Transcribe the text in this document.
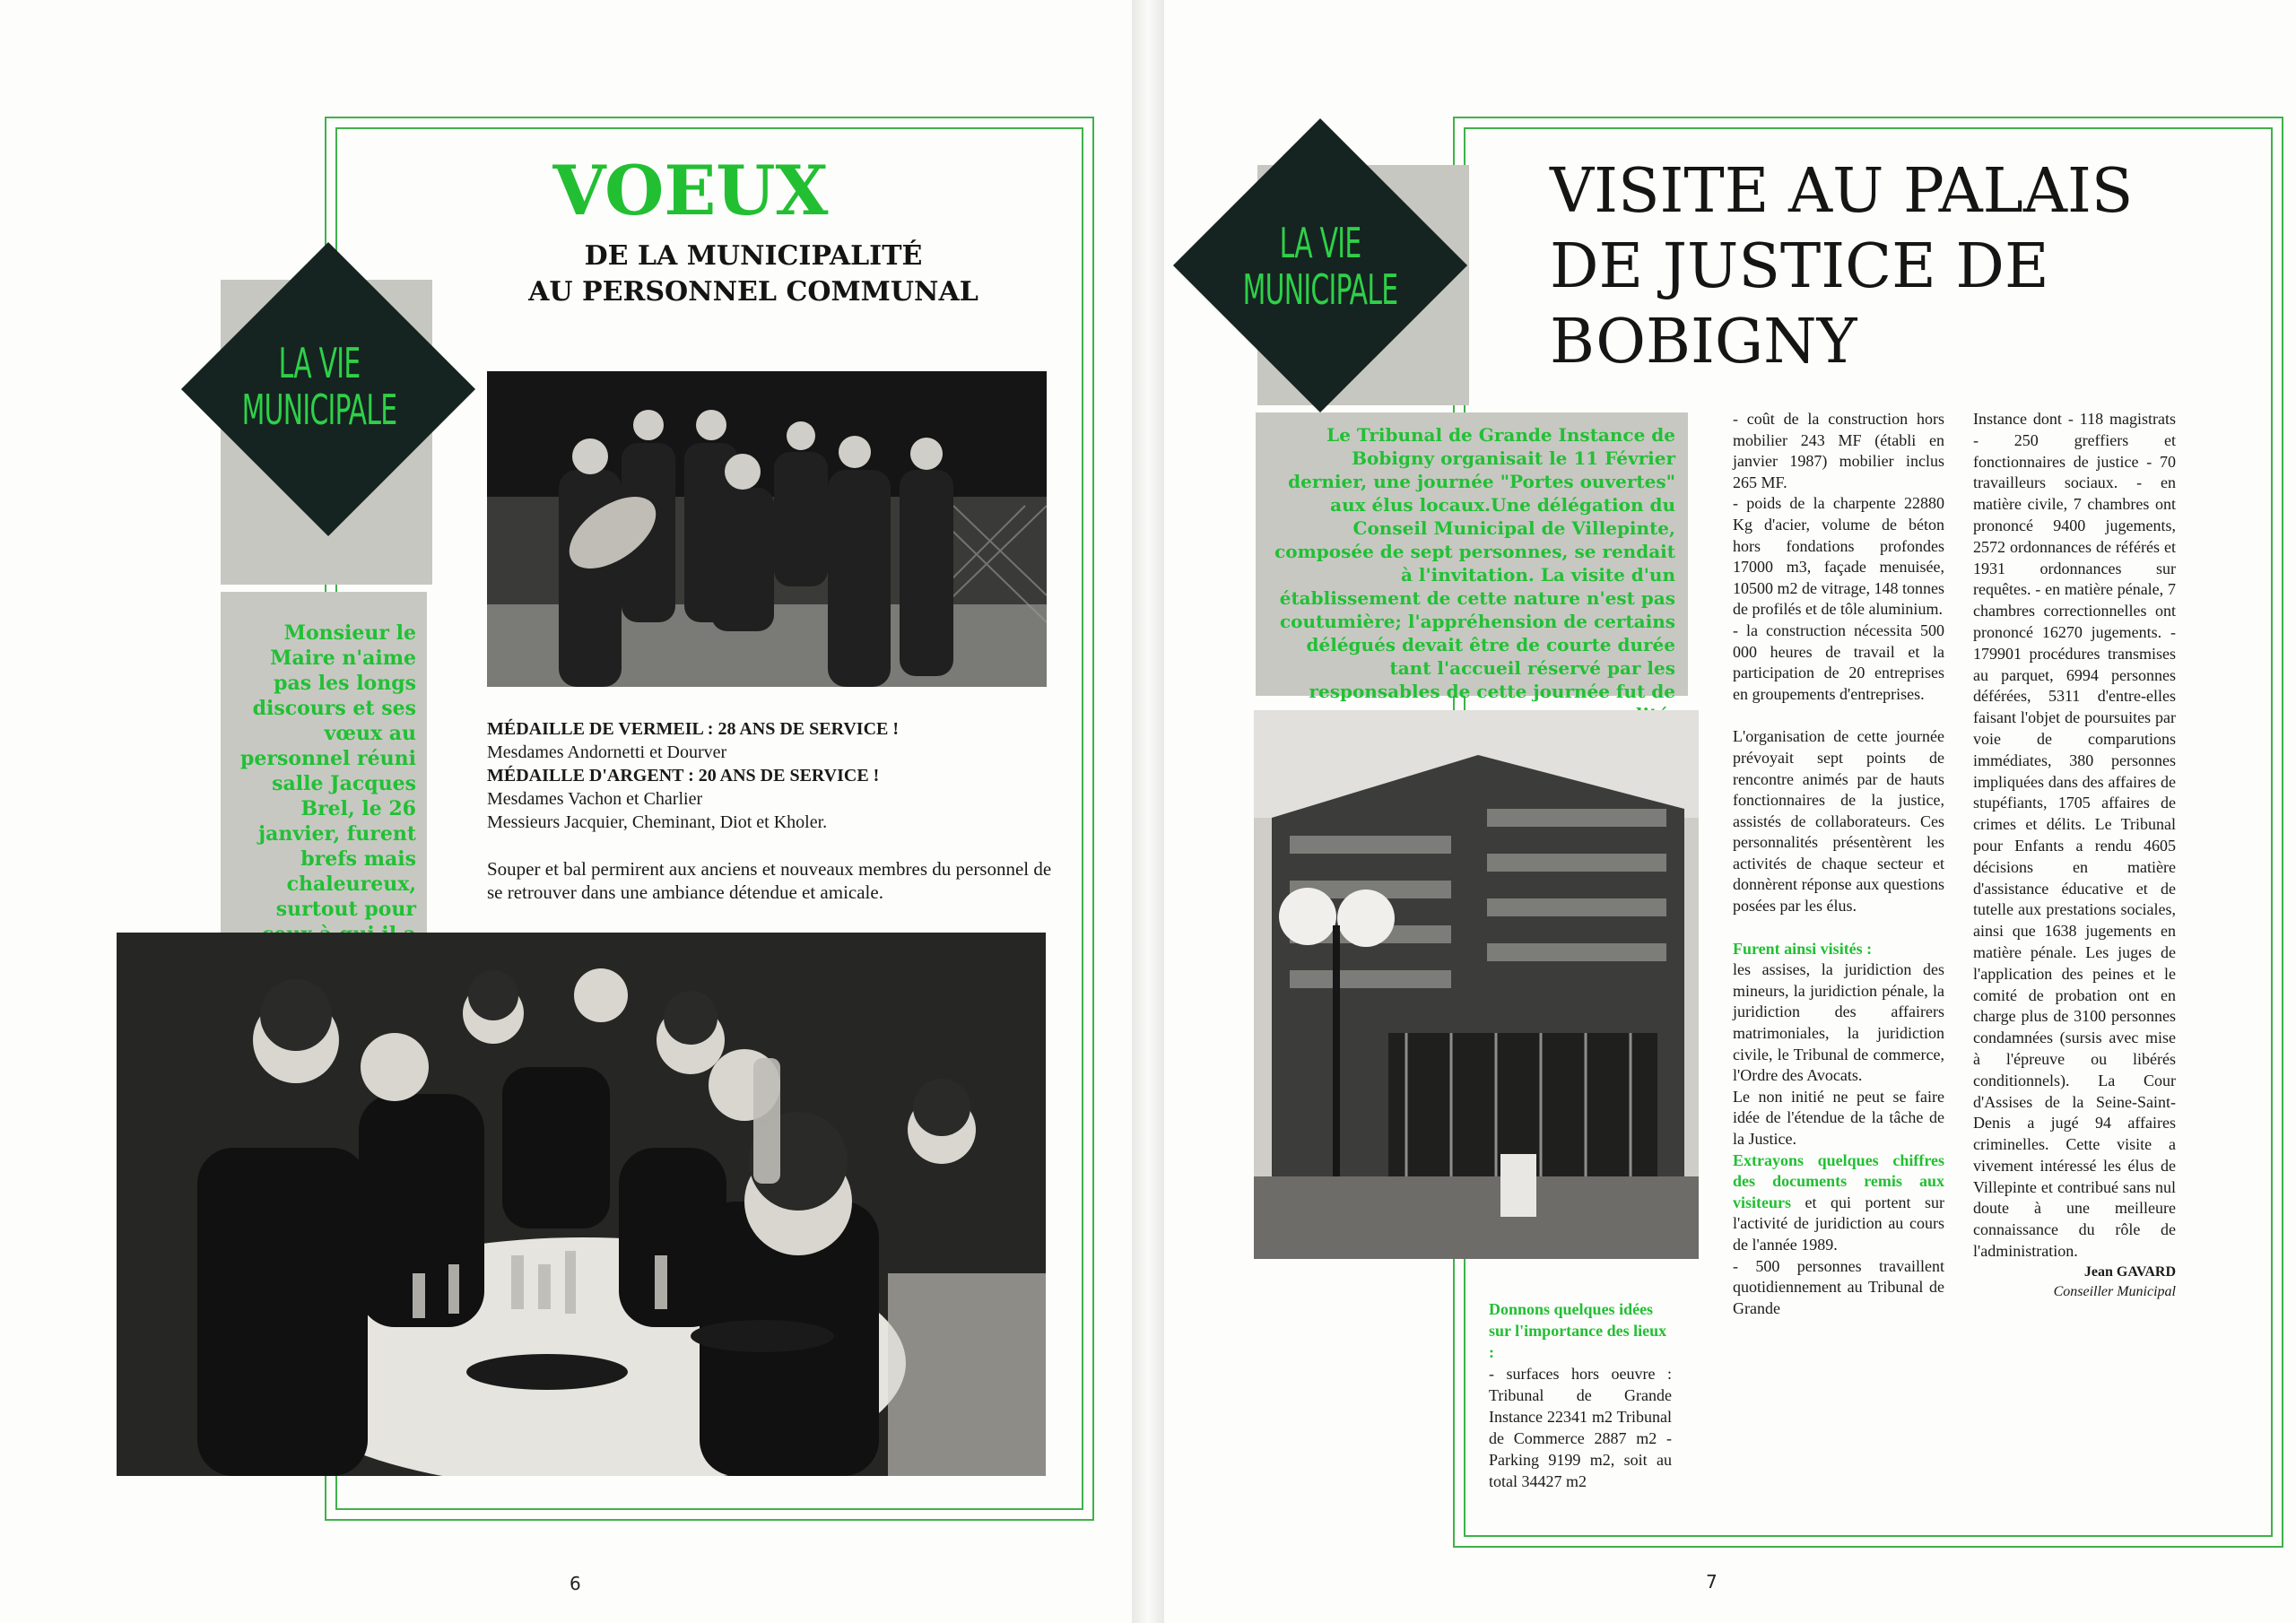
VOEUX
DE LA MUNICIPALITÉ
AU PERSONNEL COMMUNAL
LA VIE
MUNICIPALE
MÉDAILLE DE VERMEIL : 28 ANS DE SERVICE !
Mesdames Andornetti et Dourver
MÉDAILLE D'ARGENT : 20 ANS DE SERVICE !
Mesdames Vachon et Charlier
Messieurs Jacquier, Cheminant, Diot et Kholer.
Souper et bal permirent aux anciens et nouveaux membres du personnel de se retrouver dans une ambiance détendue et amicale.
Monsieur le Maire n'aime pas les longs discours et ses vœux au personnel réuni salle Jacques Brel, le 26 janvier, furent brefs mais chaleureux, surtout pour
6
LA VIE
MUNICIPALE
VISITE AU PALAIS
DE JUSTICE DE
BOBIGNY
Le Tribunal de Grande Instance de Bobigny organisait le 11 Février dernier, une journée "Portes ouvertes" aux élus locaux.Une délégation du Conseil Municipal de Villepinte, composée de sept personnes, se rendait à l'invitation. La visite d'un établissement de cette nature n'est pas coutumière; l'appréhension de certains délégués devait être de courte durée tant l'accueil réservé par les responsables de cette journée fut de

Donnons quelques idées sur l'importance des lieux :

- surfaces hors oeuvre : Tribunal de Grande Instance 22341 m2 Tribunal de Commerce 2887 m2 - Parking 9199 m2, soit au total 34427 m2

- coût de la construction hors mobilier 243 MF (établi en janvier 1987) mobilier inclus 265 MF.

- poids de la charpente 22880 Kg d'acier, volume de béton hors fondations profondes 17000 m3, façade menuisée, 10500 m2 de vitrage, 148 tonnes de profilés et de tôle aluminium.

- la construction nécessita 500 000 heures de travail et la participation de 20 entreprises en groupements d'entreprises.

L'organisation de cette journée prévoyait sept points de rencontre animés par de hauts fonctionnaires de la justice, assistés de collaborateurs. Ces personnalités présentèrent les activités de chaque secteur et donnèrent réponse aux questions posées par les élus.

Furent ainsi visités :

les assises, la juridiction des mineurs, la juridiction pénale, la juridiction des affairers matrimoniales, la juridiction civile, le Tribunal de commerce, l'Ordre des Avocats.

Le non initié ne peut se faire idée de l'étendue de la tâche de la Justice.

Extrayons quelques chiffres des documents remis aux visiteurs et qui portent sur l'activité de juridiction au cours de l'année 1989.

- 500 personnes travaillent quotidiennement au Tribunal de Grande

Instance dont - 118 magistrats - 250 greffiers et fonctionnaires de justice - 70 travailleurs sociaux. - en matière civile, 7 chambres ont prononcé 9400 jugements, 2572 ordonnances de référés et 1931 ordonnances sur requêtes. - en matière pénale, 7 chambres correctionnelles ont prononcé 16270 jugements. - 179901 procédures transmises au parquet, 6994 personnes déférées, 5311 d'entre-elles faisant l'objet de poursuites par voie de comparutions immédiates, 380 personnes impliquées dans des affaires de stupéfiants, 1705 affaires de crimes et délits. Le Tribunal pour Enfants a rendu 4605 décisions en matière d'assistance éducative et de tutelle aux prestations sociales, ainsi que 1638 jugements en matière pénale. Les juges de l'application des peines et le comité de probation ont en charge plus de 3100 personnes condamnées (sursis avec mise à l'épreuve ou libérés conditionnels). La Cour d'Assises de la Seine-Saint-Denis a jugé 94 affaires criminelles. Cette visite a vivement intéressé les élus de Villepinte et contribué sans nul doute à une meilleure connaissance du rôle de l'administration.

Jean GAVARD

Conseiller Municipal

7
